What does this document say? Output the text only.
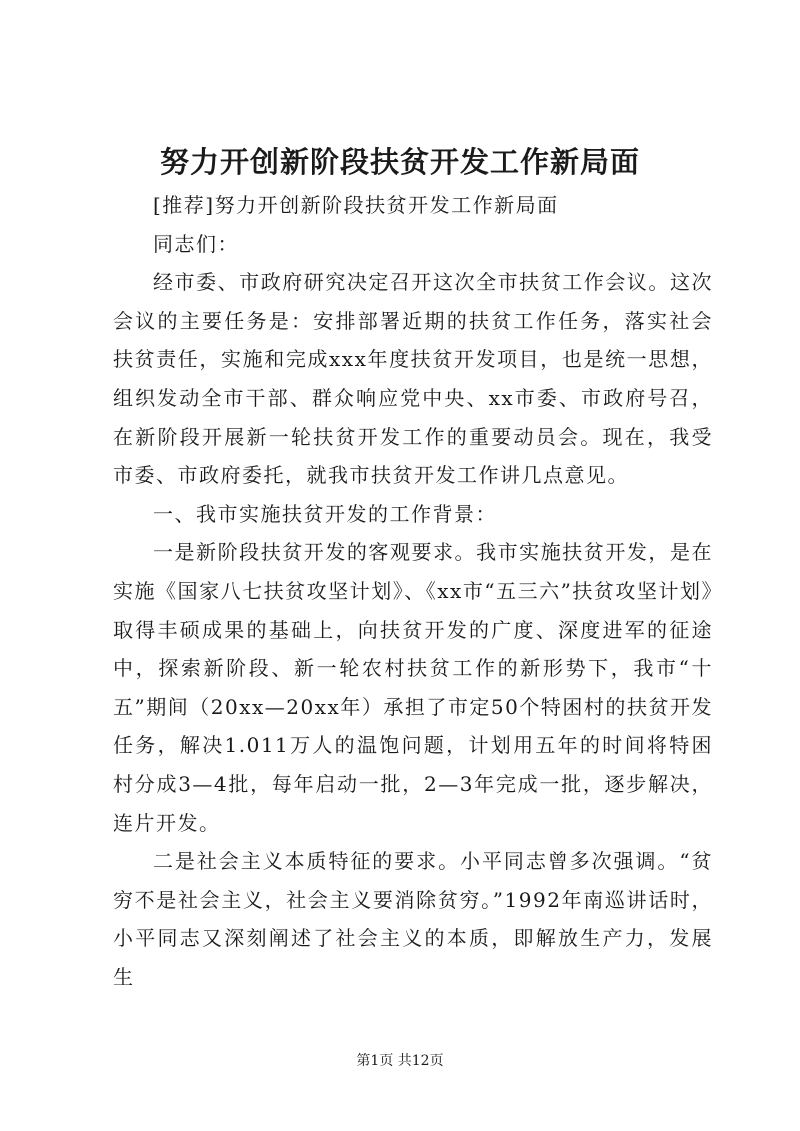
努力开创新阶段扶贫开发工作新局面

[推荐]努力开创新阶段扶贫开发工作新局面

同志们：

经市委、市政府研究决定召开这次全市扶贫工作会议。这次会议的主要任务是：安排部署近期的扶贫工作任务，落实社会扶贫责任，实施和完成xxx年度扶贫开发项目，也是统一思想，组织发动全市干部、群众响应党中央、xx市委、市政府号召，在新阶段开展新一轮扶贫开发工作的重要动员会。现在，我受市委、市政府委托，就我市扶贫开发工作讲几点意见。

一、我市实施扶贫开发的工作背景：

一是新阶段扶贫开发的客观要求。我市实施扶贫开发，是在实施《国家八七扶贫攻坚计划》、《xx市“五三六”扶贫攻坚计划》取得丰硕成果的基础上，向扶贫开发的广度、深度进军的征途中，探索新阶段、新一轮农村扶贫工作的新形势下，我市“十五”期间（20xx—20xx年）承担了市定50个特困村的扶贫开发任务，解决1.011万人的温饱问题，计划用五年的时间将特困村分成3—4批，每年启动一批，2—3年完成一批，逐步解决，连片开发。

二是社会主义本质特征的要求。小平同志曾多次强调。“贫穷不是社会主义，社会主义要消除贫穷。”1992年南巡讲话时，小平同志又深刻阐述了社会主义的本质，即解放生产力，发展生

第1页 共12页
